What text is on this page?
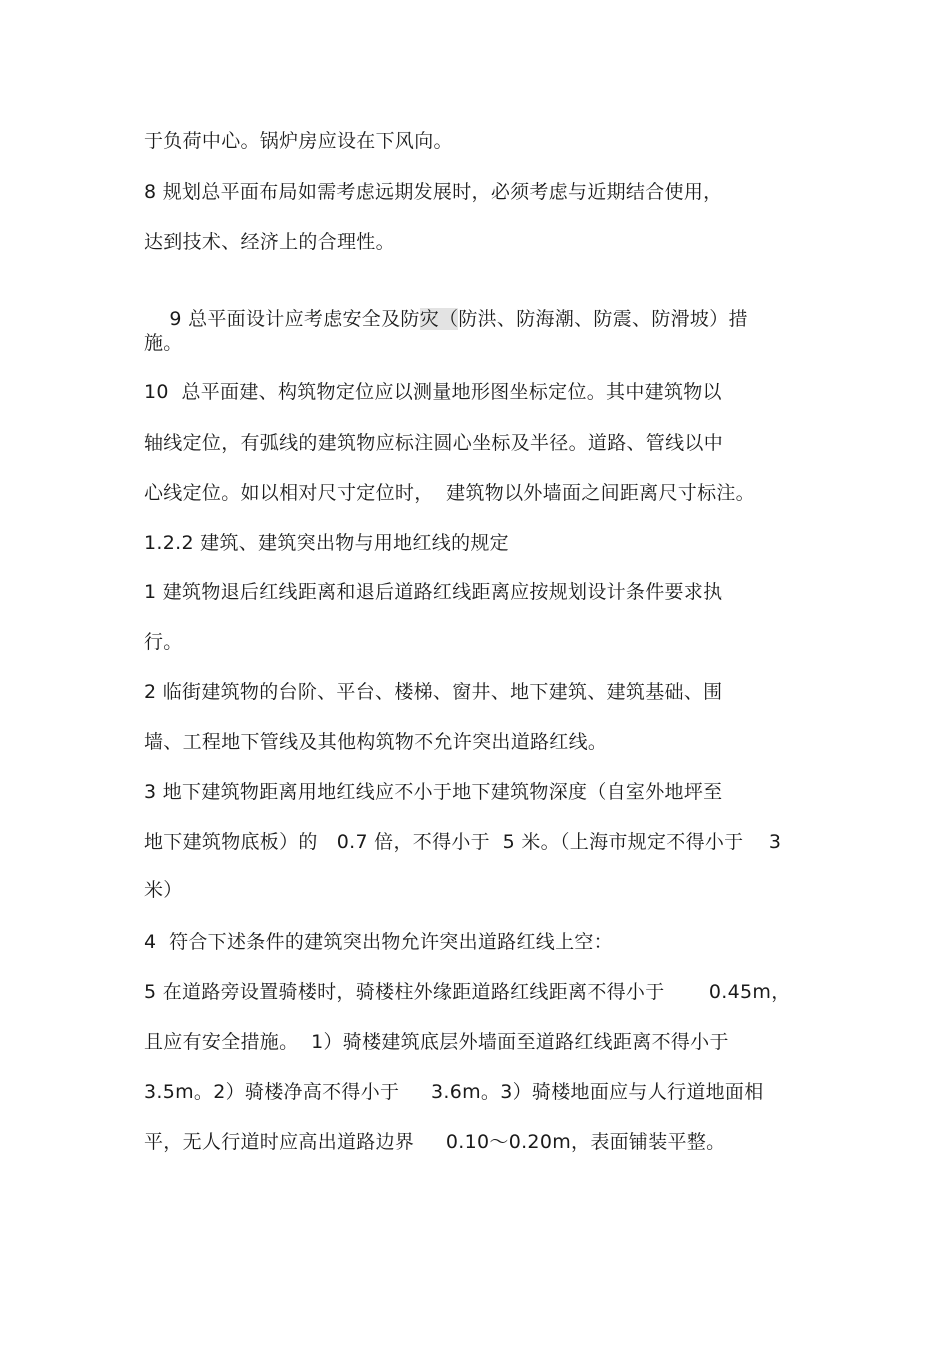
于负荷中心。锅炉房应设在下风向。
8 规划总平面布局如需考虑远期发展时，必须考虑与近期结合使用，
达到技术、经济上的合理性。

9 总平面设计应考虑安全及防灾（防洪、防海潮、防震、防滑坡）措

施。
10  总平面建、构筑物定位应以测量地形图坐标定位。其中建筑物以
轴线定位，有弧线的建筑物应标注圆心坐标及半径。道路、管线以中
心线定位。如以相对尺寸定位时，  建筑物以外墙面之间距离尺寸标注。
1.2.2 建筑、建筑突出物与用地红线的规定
1 建筑物退后红线距离和退后道路红线距离应按规划设计条件要求执
行。
2 临街建筑物的台阶、平台、楼梯、窗井、地下建筑、建筑基础、围
墙、工程地下管线及其他构筑物不允许突出道路红线。
3 地下建筑物距离用地红线应不小于地下建筑物深度（自室外地坪至
地下建筑物底板）的   0.7 倍，不得小于  5 米。（上海市规定不得小于    3
米）
4  符合下述条件的建筑突出物允许突出道路红线上空：
5 在道路旁设置骑楼时，骑楼柱外缘距道路红线距离不得小于       0.45m，
且应有安全措施。  1）骑楼建筑底层外墙面至道路红线距离不得小于
3.5m。2）骑楼净高不得小于     3.6m。3）骑楼地面应与人行道地面相
平，无人行道时应高出道路边界     0.10～0.20m，表面铺装平整。
